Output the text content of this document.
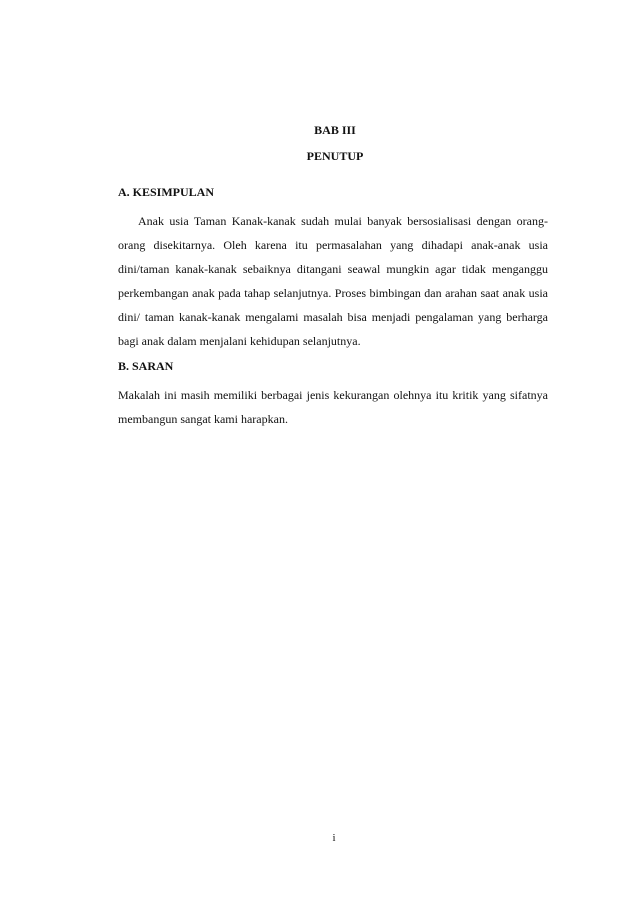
BAB III
PENUTUP
A. KESIMPULAN
Anak usia Taman Kanak-kanak sudah mulai banyak bersosialisasi dengan orang- orang disekitarnya. Oleh karena itu permasalahan yang dihadapi anak-anak usia dini/taman kanak-kanak sebaiknya ditangani seawal mungkin agar tidak menganggu perkembangan anak pada tahap selanjutnya. Proses bimbingan dan arahan saat anak usia dini/ taman kanak-kanak mengalami masalah bisa menjadi pengalaman yang berharga bagi anak dalam menjalani kehidupan selanjutnya.
B. SARAN
Makalah ini masih memiliki berbagai jenis kekurangan olehnya itu kritik yang sifatnya membangun sangat kami harapkan.
i
